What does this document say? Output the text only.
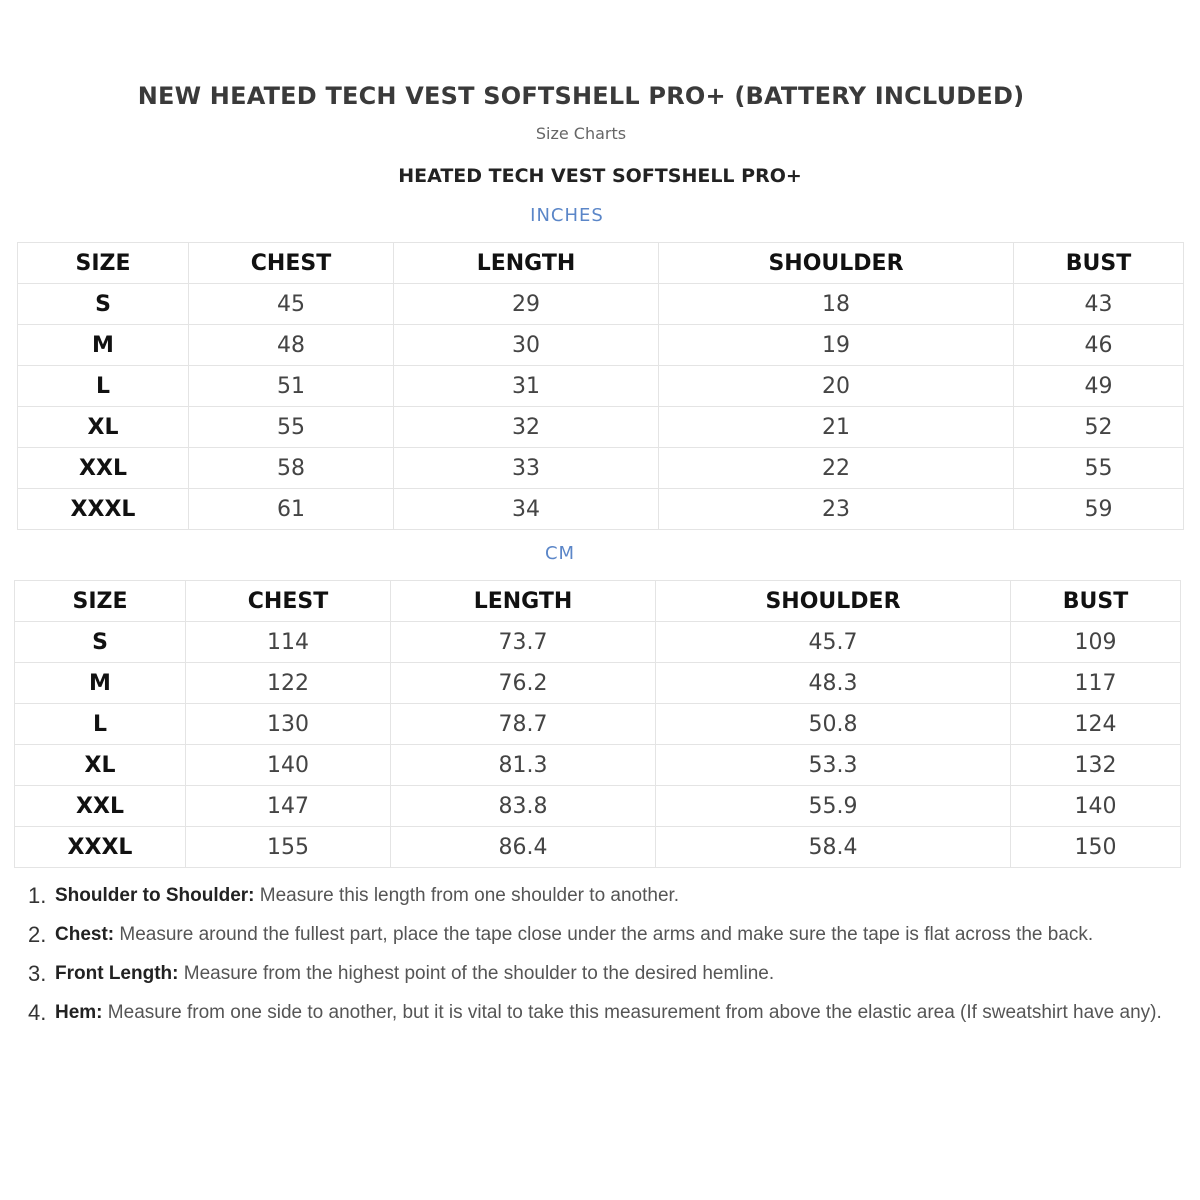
NEW HEATED TECH VEST SOFTSHELL PRO+ (BATTERY INCLUDED)
Size Charts
HEATED TECH VEST SOFTSHELL PRO+
INCHES
SIZE	CHEST	LENGTH	SHOULDER	BUST
S	45	29	18	43
M	48	30	19	46
L	51	31	20	49
XL	55	32	21	52
XXL	58	33	22	55
XXXL	61	34	23	59
CM
SIZE	CHEST	LENGTH	SHOULDER	BUST
S	114	73.7	45.7	109
M	122	76.2	48.3	117
L	130	78.7	50.8	124
XL	140	81.3	53.3	132
XXL	147	83.8	55.9	140
XXXL	155	86.4	58.4	150
1. Shoulder to Shoulder: Measure this length from one shoulder to another.
2. Chest: Measure around the fullest part, place the tape close under the arms and make sure the tape is flat across the back.
3. Front Length: Measure from the highest point of the shoulder to the desired hemline.
4. Hem: Measure from one side to another, but it is vital to take this measurement from above the elastic area (If sweatshirt have any).
